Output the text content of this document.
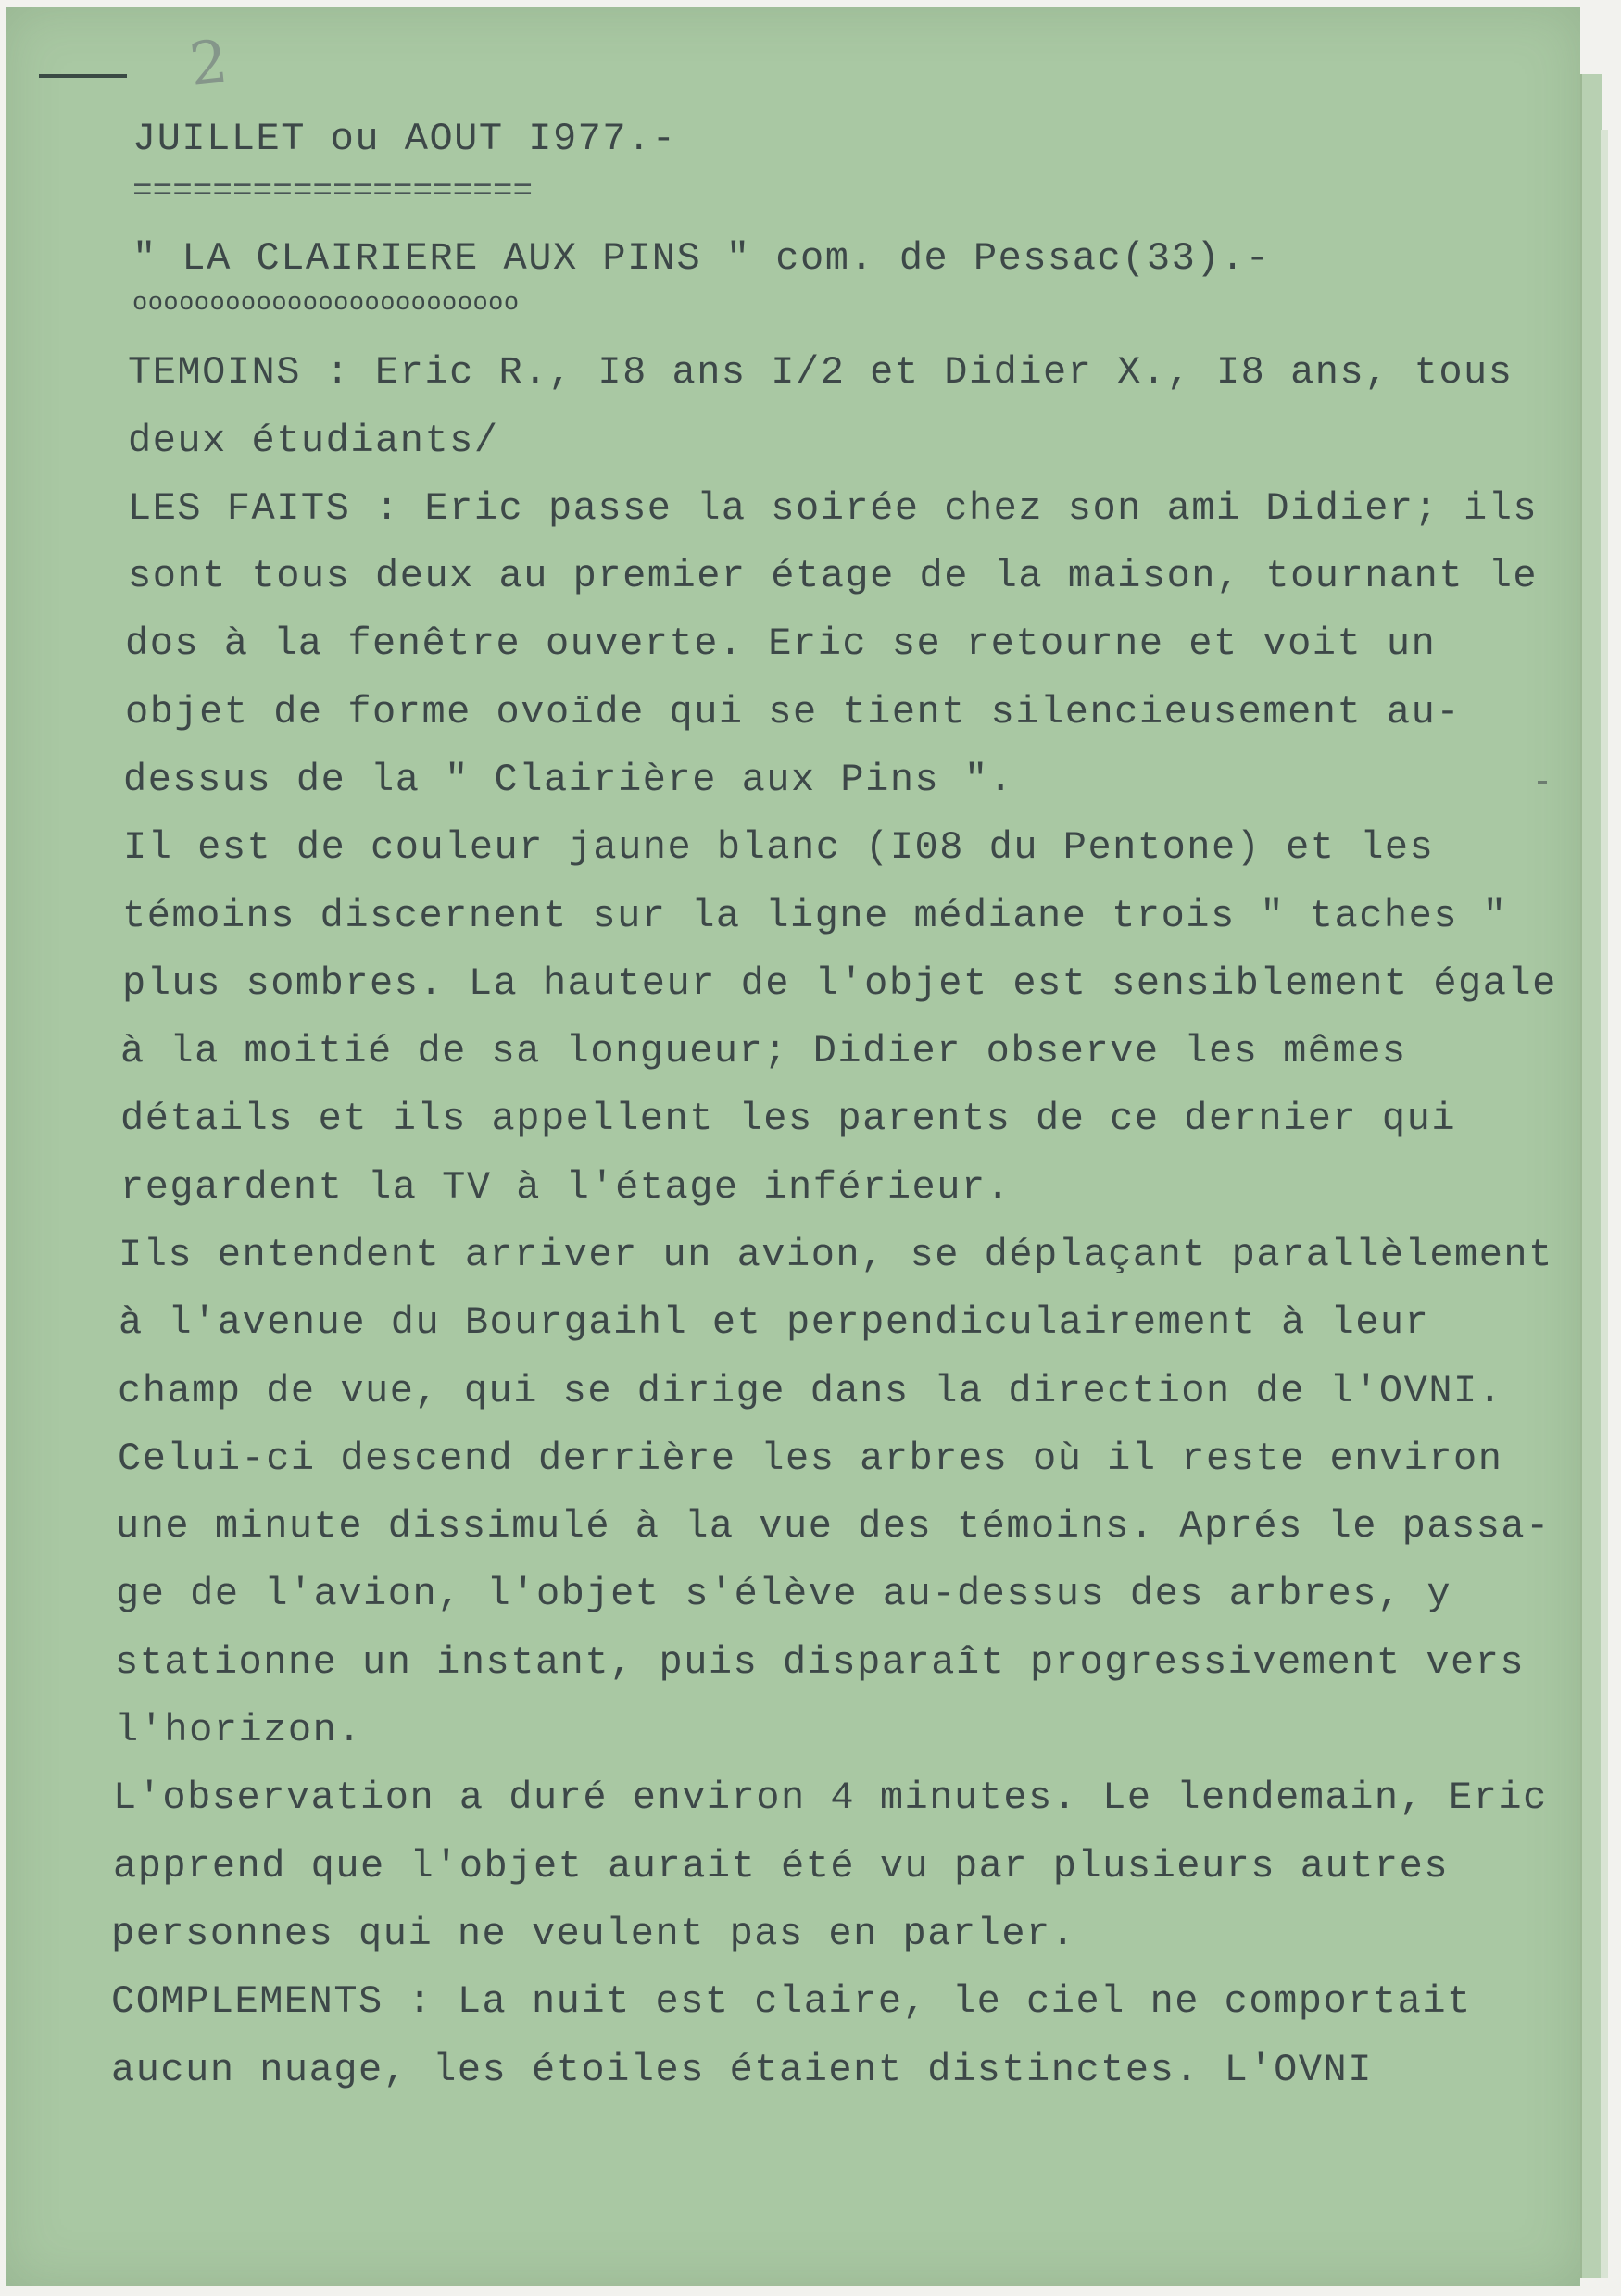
2
JUILLET ou AOUT I977.-
====================
" LA CLAIRIERE AUX PINS " com. de Pessac(33).-
ooooooooooooooooooooooooo
TEMOINS : Eric R., I8 ans I/2 et Didier X., I8 ans, tous
deux étudiants/
LES FAITS : Eric passe la soirée chez son ami Didier; ils
sont tous deux au premier étage de la maison, tournant le
dos à la fenêtre ouverte. Eric se retourne et voit un
objet de forme ovoïde qui se tient silencieusement au-
dessus de la " Clairière aux Pins ".
Il est de couleur jaune blanc (I08 du Pentone) et les
témoins discernent sur la ligne médiane trois " taches "
plus sombres. La hauteur de l'objet est sensiblement égale
à la moitié de sa longueur; Didier observe les mêmes
détails et ils appellent les parents de ce dernier qui
regardent la TV à l'étage inférieur.
Ils entendent arriver un avion, se déplaçant parallèlement
à l'avenue du Bourgaihl et perpendiculairement à leur
champ de vue, qui se dirige dans la direction de l'OVNI.
Celui-ci descend derrière les arbres où il reste environ
une minute dissimulé à la vue des témoins. Aprés le passa-
ge de l'avion, l'objet s'élève au-dessus des arbres, y
stationne un instant, puis disparaît progressivement vers
l'horizon.
L'observation a duré environ 4 minutes. Le lendemain, Eric
apprend que l'objet aurait été vu par plusieurs autres
personnes qui ne veulent pas en parler.
COMPLEMENTS : La nuit est claire, le ciel ne comportait
aucun nuage, les étoiles étaient distinctes. L'OVNI
